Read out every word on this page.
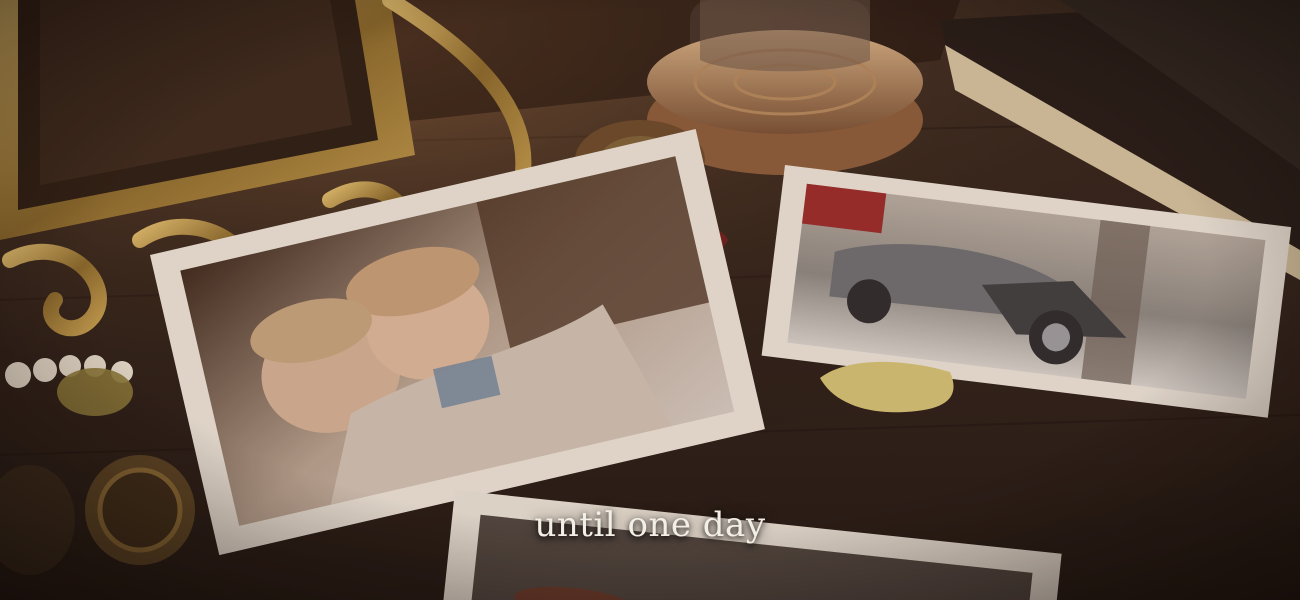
until one day
